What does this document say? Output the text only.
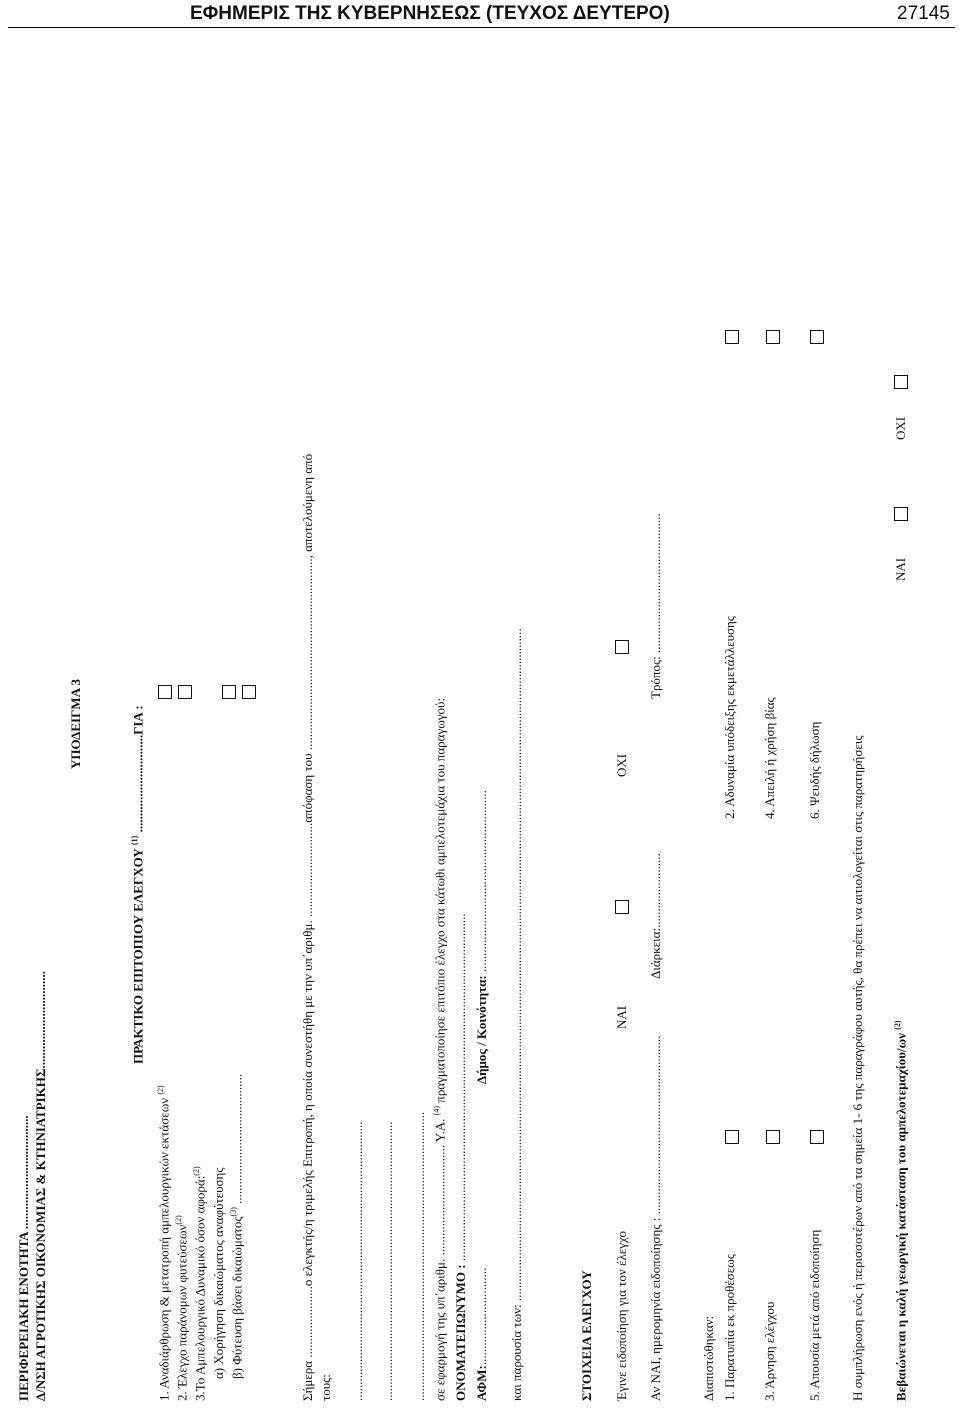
ΕΦΗΜΕΡΙΣ ΤΗΣ ΚΥΒΕΡΝΗΣΕΩΣ (ΤΕΥΧΟΣ ΔΕΥΤΕΡΟ)	27145
ΠΕΡΙΦΕΡΕΙΑΚΗ ΕΝΟΤΗΤΑ ................................... Δ/ΝΣΗ ΑΓΡΟΤΙΚΗΣ ΟΙΚΟΝΟΜΙΑΣ & ΚΤΗΝΙΑΤΡΙΚΗΣ..............................
ΥΠΟΔΕΙΓΜΑ 3
ΠΡΑΚΤΙΚΟ ΕΠΙΤΟΠΙΟΥ ΕΛΕΓΧΟΥ $^{(1)}$ ..............................ΓΙΑ :
1. Αναδιάρθρωση & μετατροπή αμπελουργικών εκτάσεων $^{(2)}$
2. Έλεγχο παράνομων φυτεύσεων$^{(2)}$ 3.Το Αμπελουργικό Δυναμικό όσον αφορά:$^{(2)}$ α) Χορήγηση δικαιώματος αναφύτευσης β) Φύτευση βάσει δικαιώματος$^{(3)}$ ........................................	Σήμερα ......................ο ελεγκτής/η τριμελής Επιτροπή, η οποία συνεστήθη με την υπ΄αριθμ. .............................απόφαση του ..........................................................., αποτελούμενη από τους: ...................................................................................... ...................................................................................... ......................................................................................... σε εφαρμογή της υπ΄αριθμ. .................................. Υ.Α. $^{(4)}$ πραγματοποίησε επιτόπιο έλεγχο στα κάτωθι αμπελοτεμάχια του παραγωγού:
ΟΝΟΜΑΤΕΠΩΝΥΜΟ : ...........................................................................................................
ΑΦΜ:..............................
Δήμος / Κοινότητα: ........................................................ και παρουσία των: ...............................................................................................................................................................................................................	ΣΤΟΙΧΕΙΑ ΕΛΕΓΧΟΥ Έγινε ειδοποίηση για τον έλεγχο
ΝΑΙ
ΟΧΙ
Αν ΝΑΙ, ημερομηνία ειδοποίησης : .......................................................
Διάρκεια:.......................
Τρόπος: ...........................................
Διαπιστώθηκαν: 1. Παρατυπία εκ προθέσεως
2. Αδυναμία υπόδειξης εκμετάλλευσης
3. Άρνηση ελέγχου
4. Απειλή ή χρήση βίας
5. Απουσία μετά από ειδοποίηση
6. Ψευδής δήλωση Η συμπλήρωση ενός ή περισσοτέρων από τα σημεία 1- 6 της παραγράφου αυτής, θα πρέπει να αιτιολογείται στις παρατηρήσεις Βεβαιώνεται η καλή γεωργική κατάσταση του αμπελοτεμαχίου/ων $^{(2)}$
ΝΑΙ
ΟΧΙ
